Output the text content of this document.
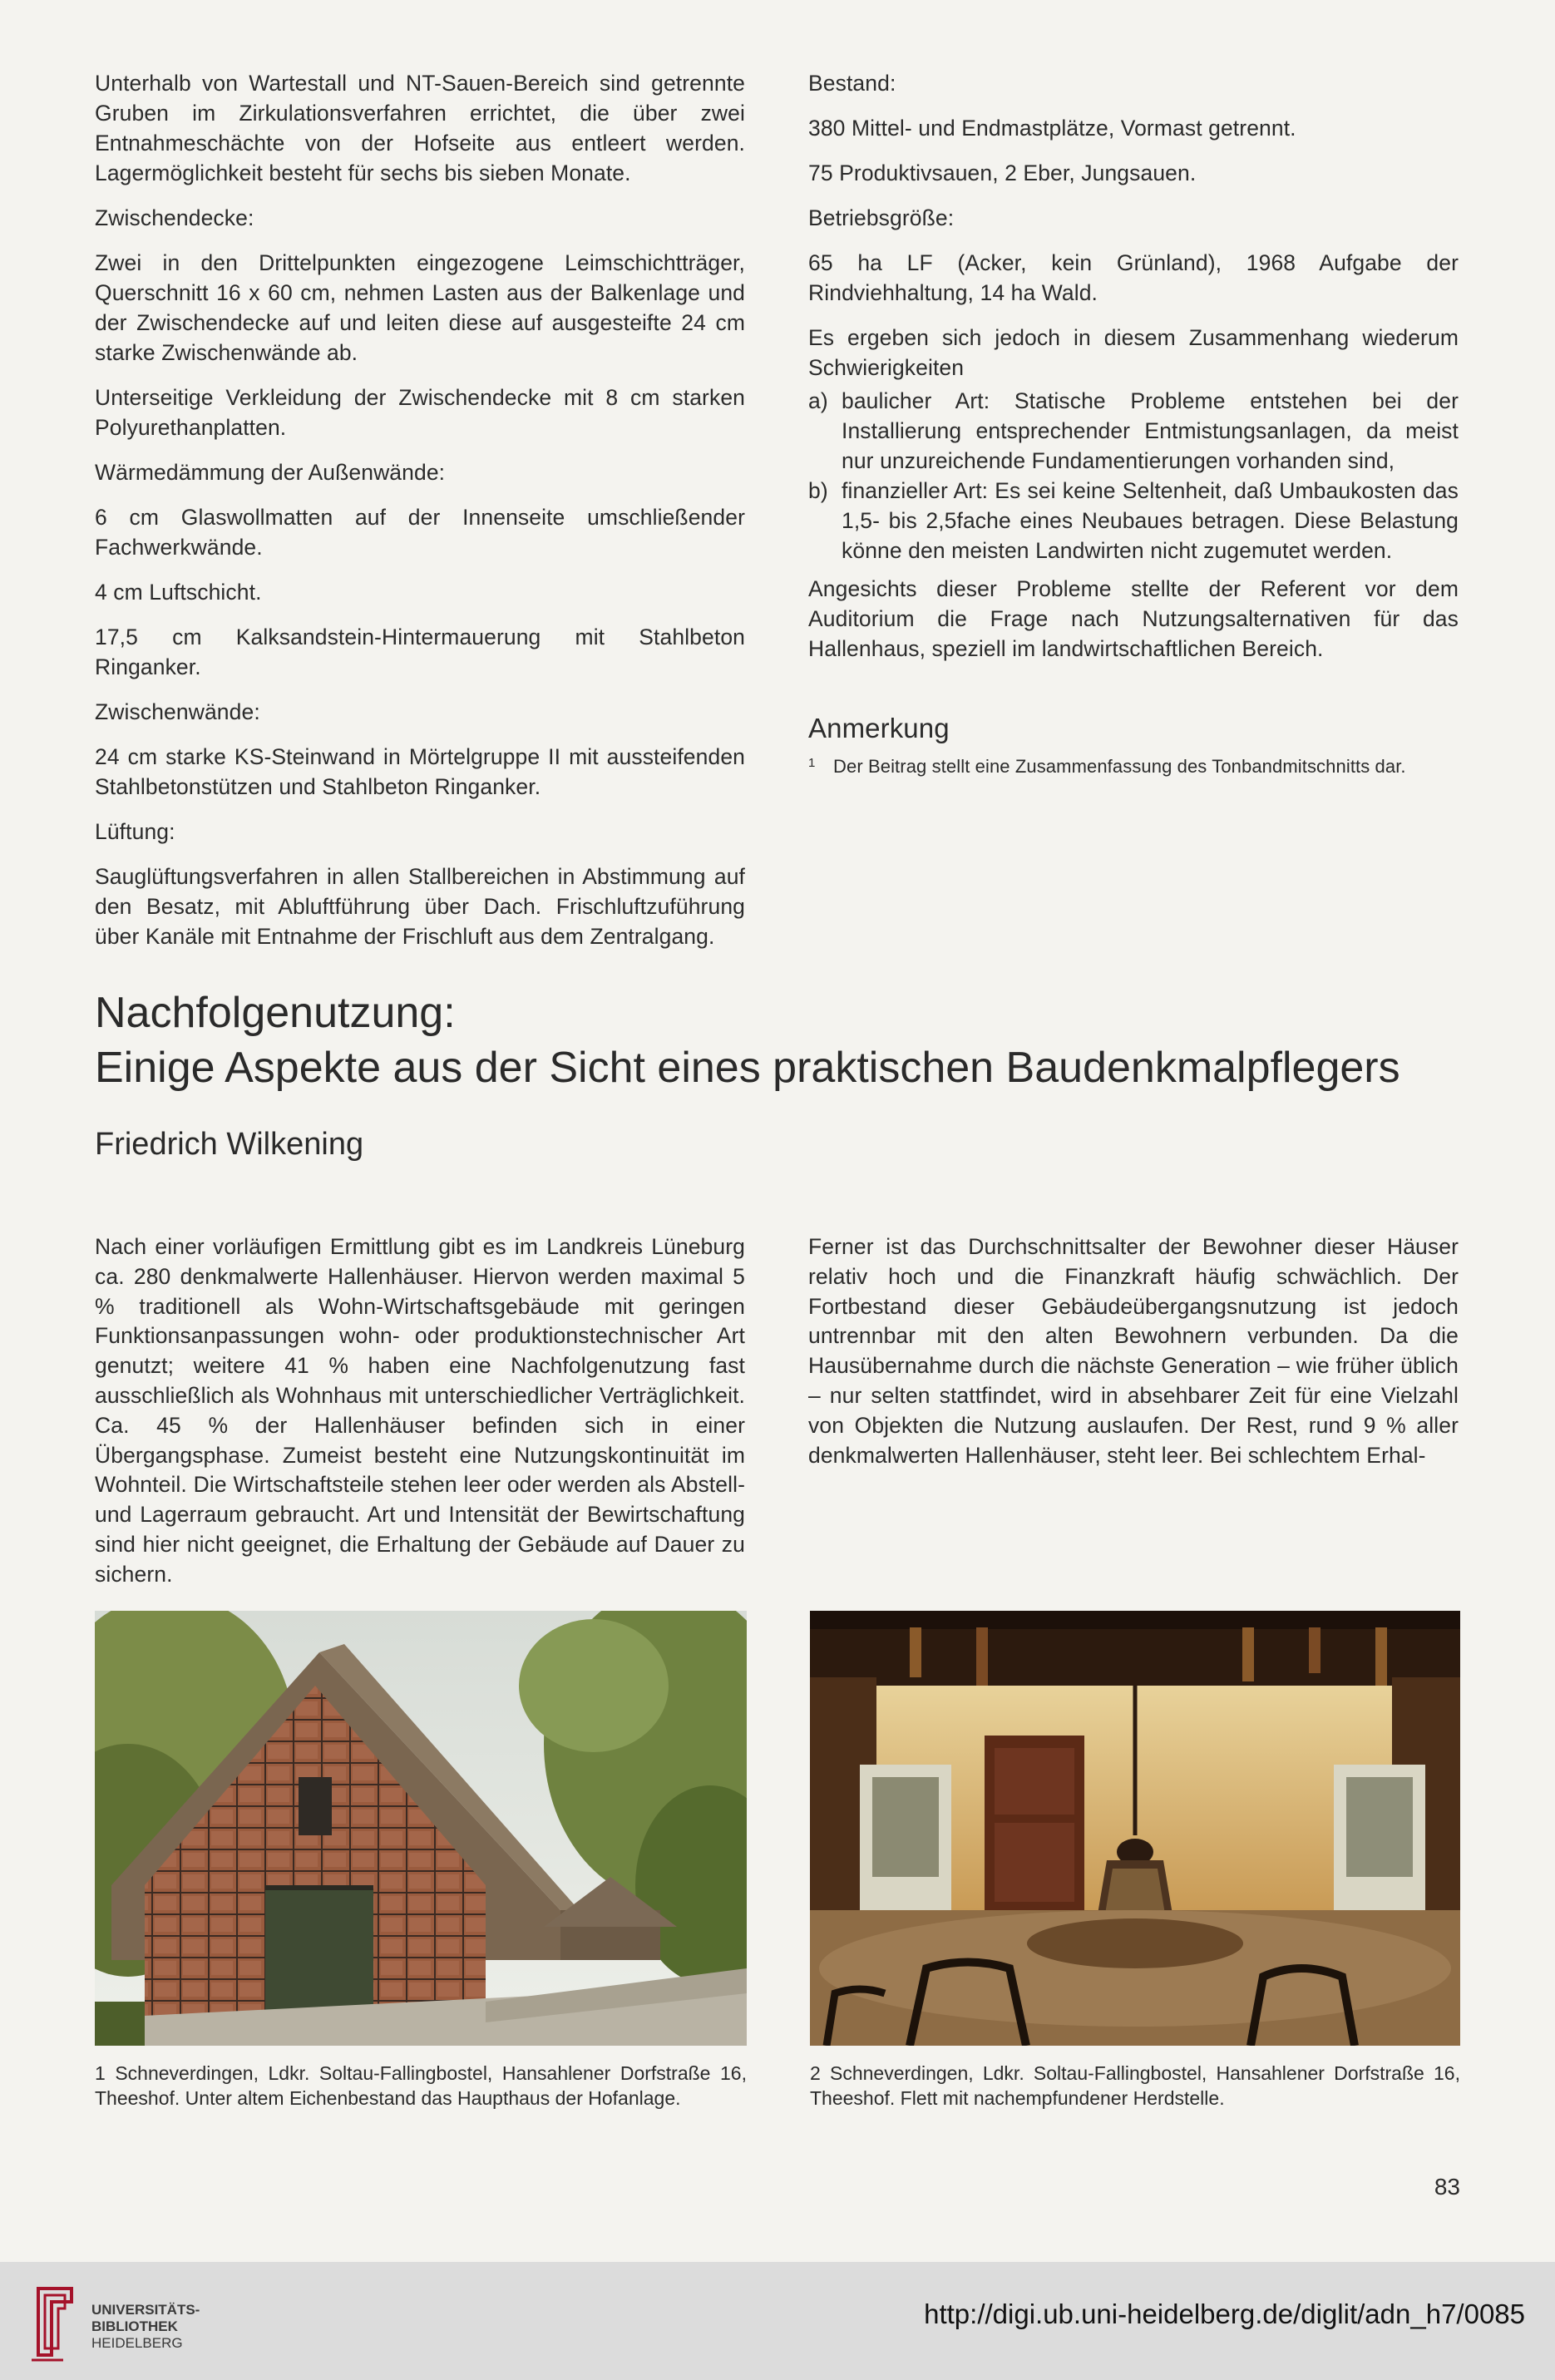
Unterhalb von Wartestall und NT-Sauen-Bereich sind getrennte Gruben im Zirkulationsverfahren errichtet, die über zwei Entnahmeschächte von der Hofseite aus entleert werden. Lagermöglichkeit besteht für sechs bis sieben Monate.

Zwischendecke:

Zwei in den Drittelpunkten eingezogene Leimschichtträger, Querschnitt 16 x 60 cm, nehmen Lasten aus der Balkenlage und der Zwischendecke auf und leiten diese auf ausgesteifte 24 cm starke Zwischenwände ab.

Unterseitige Verkleidung der Zwischendecke mit 8 cm starken Polyurethanplatten.

Wärmedämmung der Außenwände:

6 cm Glaswollmatten auf der Innenseite umschließender Fachwerkwände.

4 cm Luftschicht.

17,5 cm Kalksandstein-Hintermauerung mit Stahlbeton Ringanker.

Zwischenwände:

24 cm starke KS-Steinwand in Mörtelgruppe II mit aussteifenden Stahlbetonstützen und Stahlbeton Ringanker.

Lüftung:

Sauglüftungsverfahren in allen Stallbereichen in Abstimmung auf den Besatz, mit Abluftführung über Dach. Frischluftzuführung über Kanäle mit Entnahme der Frischluft aus dem Zentralgang.

Bestand:

380 Mittel- und Endmastplätze, Vormast getrennt.

75 Produktivsauen, 2 Eber, Jungsauen.

Betriebsgröße:

65 ha LF (Acker, kein Grünland), 1968 Aufgabe der Rindviehhaltung, 14 ha Wald.

Es ergeben sich jedoch in diesem Zusammenhang wiederum Schwierigkeiten

a) baulicher Art: Statische Probleme entstehen bei der Installierung entsprechender Entmistungsanlagen, da meist nur unzureichende Fundamentierungen vorhanden sind,
b) finanzieller Art: Es sei keine Seltenheit, daß Umbaukosten das 1,5- bis 2,5fache eines Neubaues betragen. Diese Belastung könne den meisten Landwirten nicht zugemutet werden.

Angesichts dieser Probleme stellte der Referent vor dem Auditorium die Frage nach Nutzungsalternativen für das Hallenhaus, speziell im landwirtschaftlichen Bereich.

Anmerkung
1 Der Beitrag stellt eine Zusammenfassung des Tonbandmitschnitts dar.
Nachfolgenutzung:
Einige Aspekte aus der Sicht eines praktischen Baudenkmalpflegers
Friedrich Wilkening

Nach einer vorläufigen Ermittlung gibt es im Landkreis Lüneburg ca. 280 denkmalwerte Hallenhäuser. Hiervon werden maximal 5 % traditionell als Wohn-Wirtschaftsgebäude mit geringen Funktionsanpassungen wohn- oder produktionstechnischer Art genutzt; weitere 41 % haben eine Nachfolgenutzung fast ausschließlich als Wohnhaus mit unterschiedlicher Verträglichkeit. Ca. 45 % der Hallenhäuser befinden sich in einer Übergangsphase. Zumeist besteht eine Nutzungskontinuität im Wohnteil. Die Wirtschaftsteile stehen leer oder werden als Abstell- und Lagerraum gebraucht. Art und Intensität der Bewirtschaftung sind hier nicht geeignet, die Erhaltung der Gebäude auf Dauer zu sichern.

Ferner ist das Durchschnittsalter der Bewohner dieser Häuser relativ hoch und die Finanzkraft häufig schwächlich. Der Fortbestand dieser Gebäudeübergangsnutzung ist jedoch untrennbar mit den alten Bewohnern verbunden. Da die Hausübernahme durch die nächste Generation – wie früher üblich – nur selten stattfindet, wird in absehbarer Zeit für eine Vielzahl von Objekten die Nutzung auslaufen. Der Rest, rund 9 % aller denkmalwerten Hallenhäuser, steht leer. Bei schlechtem Erhal-

1 Schneverdingen, Ldkr. Soltau-Fallingbostel, Hansahlener Dorfstraße 16, Theeshof. Unter altem Eichenbestand das Haupthaus der Hofanlage.

2 Schneverdingen, Ldkr. Soltau-Fallingbostel, Hansahlener Dorfstraße 16, Theeshof. Flett mit nachempfundener Herdstelle.

83

UNIVERSITÄTS-
BIBLIOTHEK
HEIDELBERG

http://digi.ub.uni-heidelberg.de/diglit/adn_h7/0085
